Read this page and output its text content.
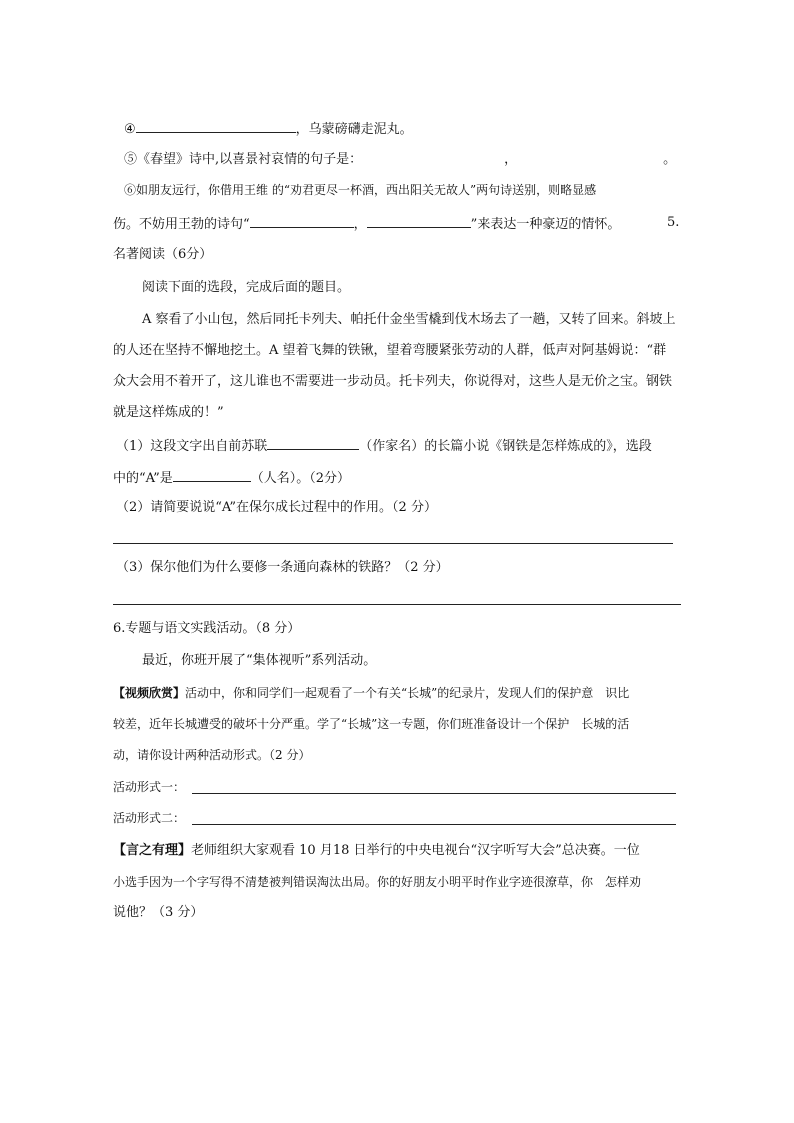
④	，乌蒙磅礴走泥丸。
⑤《春望》诗中,以喜景衬哀情的句子是：	，	。
⑥如朋友远行，你借用王维 的“劝君更尽一杯酒，西出阳关无故人”两句诗送别，则略显感
伤。不妨用王勃的诗句“	，	”来表达一种豪迈的情怀。	5.
名著阅读（6分）
阅读下面的选段，完成后面的题目。
A 察看了小山包，然后同托卡列夫、帕托什金坐雪橇到伐木场去了一趟，又转了回来。斜坡上
的人还在坚持不懈地挖土。A 望着飞舞的铁锹，望着弯腰紧张劳动的人群，低声对阿基姆说：“群
众大会用不着开了，这儿谁也不需要进一步动员。托卡列夫，你说得对，这些人是无价之宝。钢铁
就是这样炼成的！”
（1）这段文字出自前苏联	（作家名）的长篇小说《钢铁是怎样炼成的》，选段
中的“A”是	（人名）。（2分）
（2）请简要说说“A”在保尔成长过程中的作用。（2 分）
（3）保尔他们为什么要修一条通向森林的铁路？（2 分）
6.专题与语文实践活动。（8 分）
最近，你班开展了“集体视听”系列活动。
【视频欣赏】活动中，你和同学们一起观看了一个有关“长城”的纪录片，发现人们的保护意　识比
较差，近年长城遭受的破坏十分严重。学了“长城”这一专题，你们班准备设计一个保护　长城的活
动，请你设计两种活动形式。（2 分）
活动形式一：
活动形式二：
【言之有理】老师组织大家观看 10 月18 日举行的中央电视台“汉字听写大会”总决赛。一位
小选手因为一个字写得不清楚被判错误淘汰出局。你的好朋友小明平时作业字迹很潦草，你　怎样劝
说他？（3 分）
